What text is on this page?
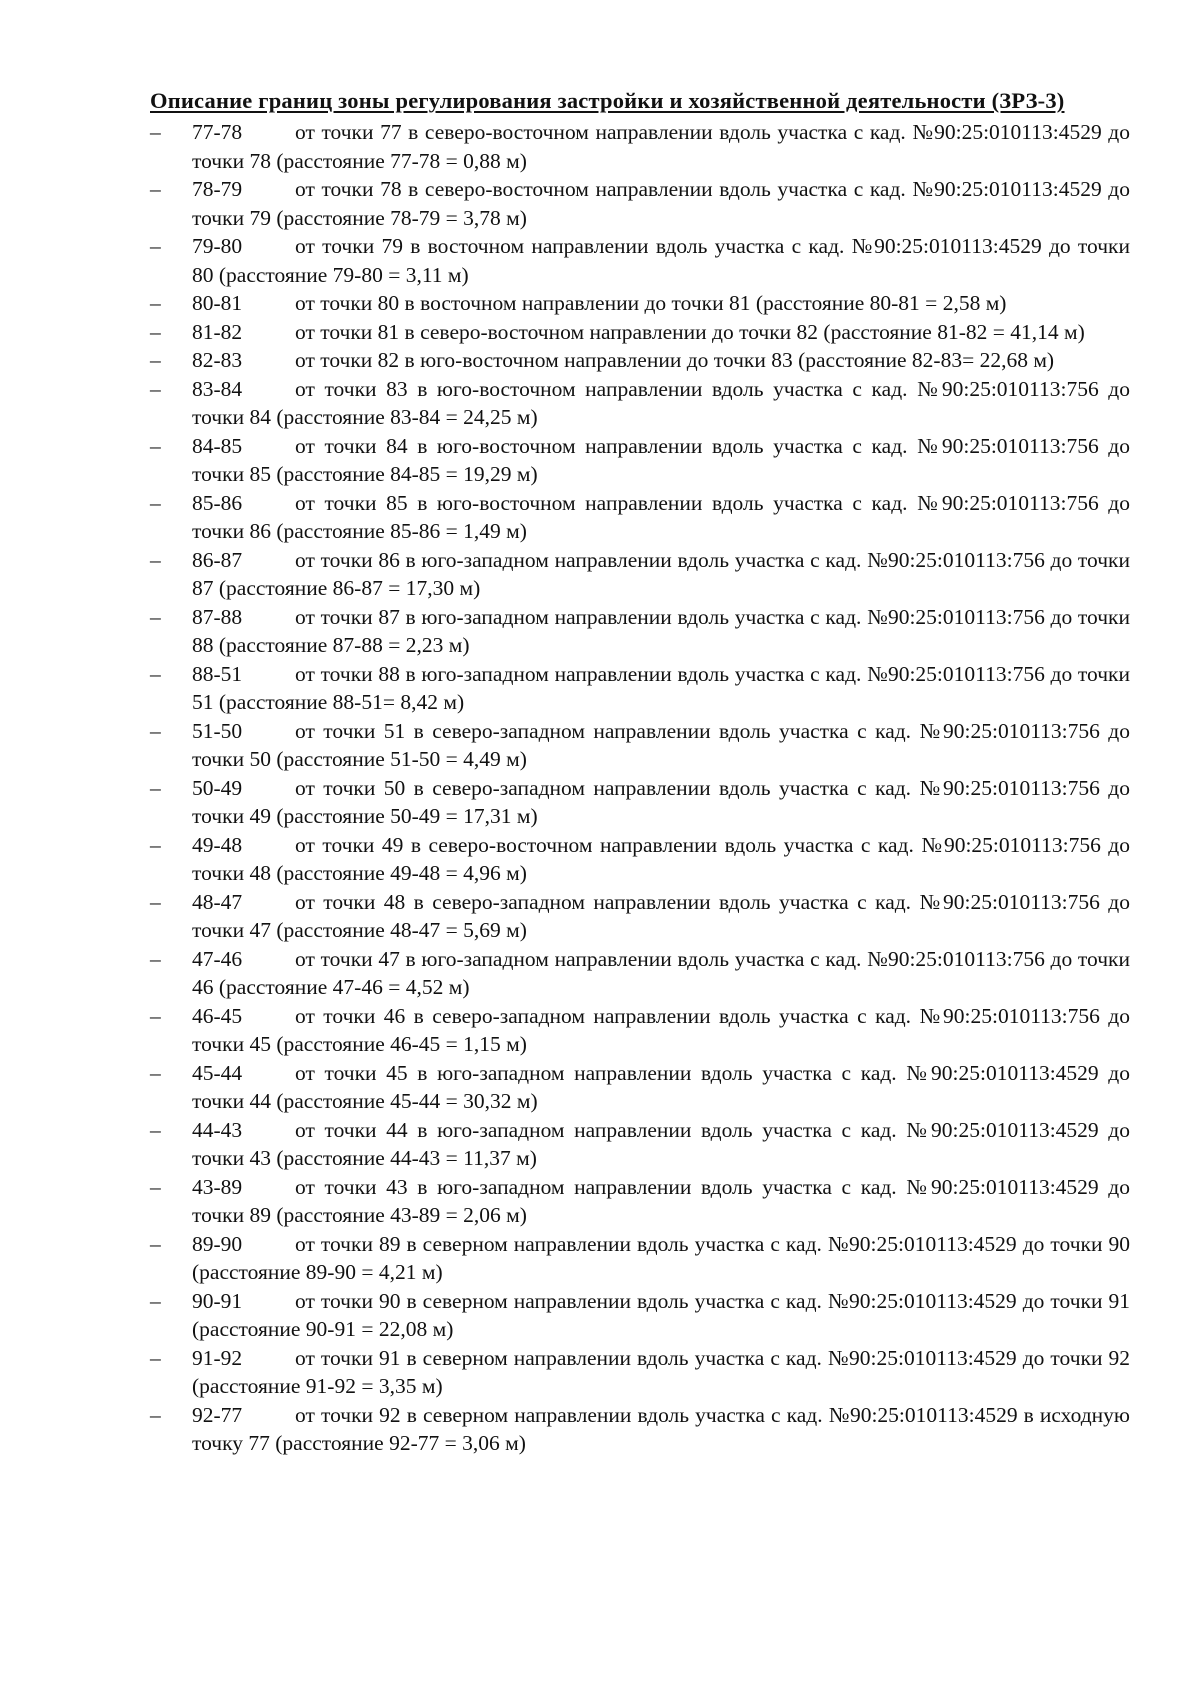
Описание границ зоны регулирования застройки и хозяйственной деятельности (ЗРЗ-3)
–	77-78 от точки 77 в северо-восточном направлении вдоль участка с кад. №90:25:010113:4529 до точки 78 (расстояние 77-78 = 0,88 м)
–	78-79 от точки 78 в северо-восточном направлении вдоль участка с кад. №90:25:010113:4529 до точки 79 (расстояние 78-79 = 3,78 м)
–	79-80 от точки 79 в восточном направлении вдоль участка с кад. №90:25:010113:4529 до точки 80 (расстояние 79-80 = 3,11 м)
–	80-81 от точки 80 в восточном направлении до точки 81 (расстояние 80-81 = 2,58 м)
–	81-82 от точки 81 в северо-восточном направлении до точки 82 (расстояние 81-82 = 41,14 м)
–	82-83 от точки 82 в юго-восточном направлении до точки 83 (расстояние 82-83= 22,68 м)
–	83-84 от точки 83 в юго-восточном направлении вдоль участка с кад. №90:25:010113:756 до точки 84 (расстояние 83-84 = 24,25 м)
–	84-85 от точки 84 в юго-восточном направлении вдоль участка с кад. №90:25:010113:756 до точки 85 (расстояние 84-85 = 19,29 м)
–	85-86 от точки 85 в юго-восточном направлении вдоль участка с кад. №90:25:010113:756 до точки 86 (расстояние 85-86 = 1,49 м)
–	86-87 от точки 86 в юго-западном направлении вдоль участка с кад. №90:25:010113:756 до точки 87 (расстояние 86-87 = 17,30 м)
–	87-88 от точки 87 в юго-западном направлении вдоль участка с кад. №90:25:010113:756 до точки 88 (расстояние 87-88 = 2,23 м)
–	88-51 от точки 88 в юго-западном направлении вдоль участка с кад. №90:25:010113:756 до точки 51 (расстояние 88-51= 8,42 м)
–	51-50 от точки 51 в северо-западном направлении вдоль участка с кад. №90:25:010113:756 до точки 50 (расстояние 51-50 = 4,49 м)
–	50-49 от точки 50 в северо-западном направлении вдоль участка с кад. №90:25:010113:756 до точки 49 (расстояние 50-49 = 17,31 м)
–	49-48 от точки 49 в северо-восточном направлении вдоль участка с кад. №90:25:010113:756 до точки 48 (расстояние 49-48 = 4,96 м)
–	48-47 от точки 48 в северо-западном направлении вдоль участка с кад. №90:25:010113:756 до точки 47 (расстояние 48-47 = 5,69 м)
–	47-46 от точки 47 в юго-западном направлении вдоль участка с кад. №90:25:010113:756 до точки 46 (расстояние 47-46 = 4,52 м)
–	46-45 от точки 46 в северо-западном направлении вдоль участка с кад. №90:25:010113:756 до точки 45 (расстояние 46-45 = 1,15 м)
–	45-44 от точки 45 в юго-западном направлении вдоль участка с кад. №90:25:010113:4529 до точки 44 (расстояние 45-44 = 30,32 м)
–	44-43 от точки 44 в юго-западном направлении вдоль участка с кад. №90:25:010113:4529 до точки 43 (расстояние 44-43 = 11,37 м)
–	43-89 от точки 43 в юго-западном направлении вдоль участка с кад. №90:25:010113:4529 до точки 89 (расстояние 43-89 = 2,06 м)
–	89-90 от точки 89 в северном направлении вдоль участка с кад. №90:25:010113:4529 до точки 90 (расстояние 89-90 = 4,21 м)
–	90-91 от точки 90 в северном направлении вдоль участка с кад. №90:25:010113:4529 до точки 91 (расстояние 90-91 = 22,08 м)
–	91-92 от точки 91 в северном направлении вдоль участка с кад. №90:25:010113:4529 до точки 92 (расстояние 91-92 = 3,35 м)
–	92-77 от точки 92 в северном направлении вдоль участка с кад. №90:25:010113:4529 в исходную точку 77 (расстояние 92-77 = 3,06 м)
